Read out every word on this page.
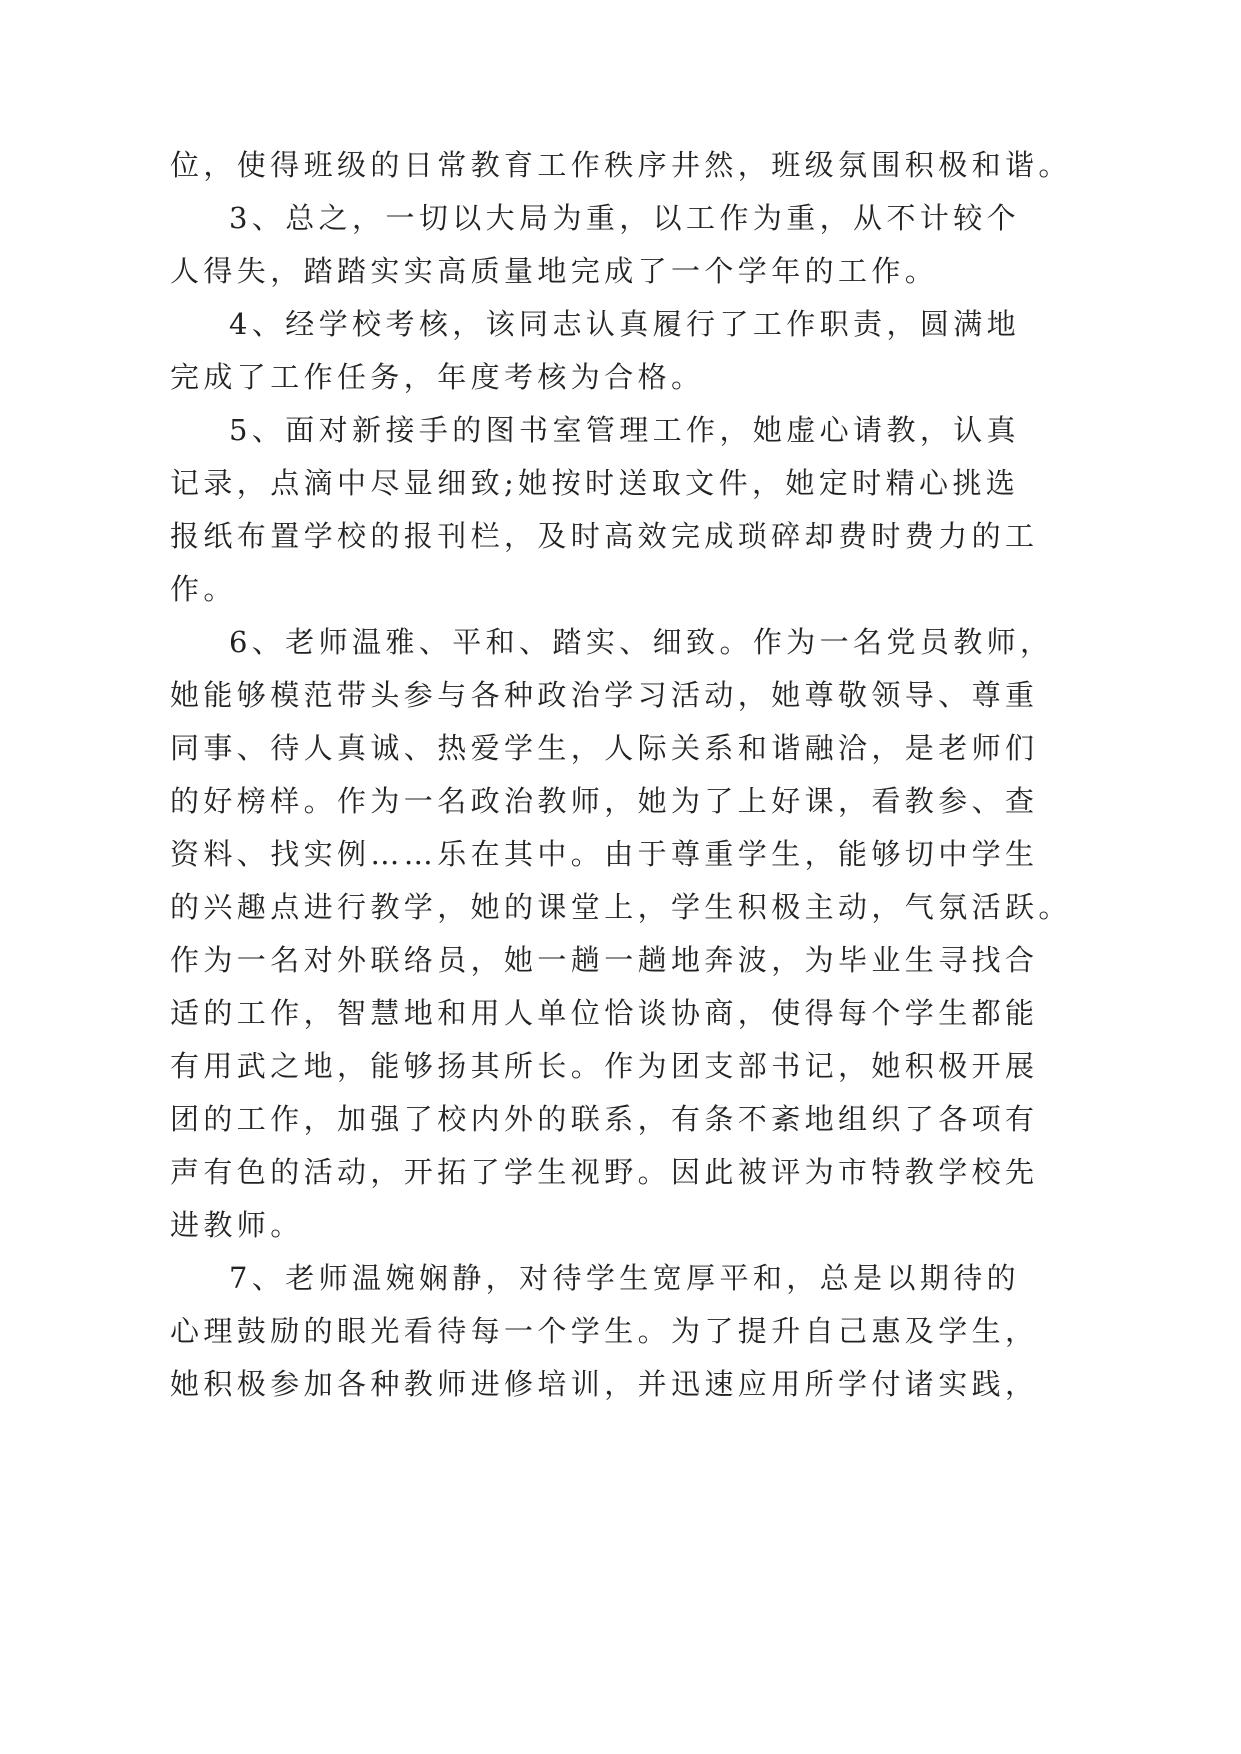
位，使得班级的日常教育工作秩序井然，班级氛围积极和谐。
3、总之，一切以大局为重，以工作为重，从不计较个
人得失，踏踏实实高质量地完成了一个学年的工作。
4、经学校考核，该同志认真履行了工作职责，圆满地
完成了工作任务，年度考核为合格。
5、面对新接手的图书室管理工作，她虚心请教，认真
记录，点滴中尽显细致;她按时送取文件，她定时精心挑选
报纸布置学校的报刊栏，及时高效完成琐碎却费时费力的工
作。
6、老师温雅、平和、踏实、细致。作为一名党员教师，
她能够模范带头参与各种政治学习活动，她尊敬领导、尊重
同事、待人真诚、热爱学生，人际关系和谐融洽，是老师们
的好榜样。作为一名政治教师，她为了上好课，看教参、查
资料、找实例……乐在其中。由于尊重学生，能够切中学生
的兴趣点进行教学，她的课堂上，学生积极主动，气氛活跃。
作为一名对外联络员，她一趟一趟地奔波，为毕业生寻找合
适的工作，智慧地和用人单位恰谈协商，使得每个学生都能
有用武之地，能够扬其所长。作为团支部书记，她积极开展
团的工作，加强了校内外的联系，有条不紊地组织了各项有
声有色的活动，开拓了学生视野。因此被评为市特教学校先
进教师。
7、老师温婉娴静，对待学生宽厚平和，总是以期待的
心理鼓励的眼光看待每一个学生。为了提升自己惠及学生，
她积极参加各种教师进修培训，并迅速应用所学付诸实践，
